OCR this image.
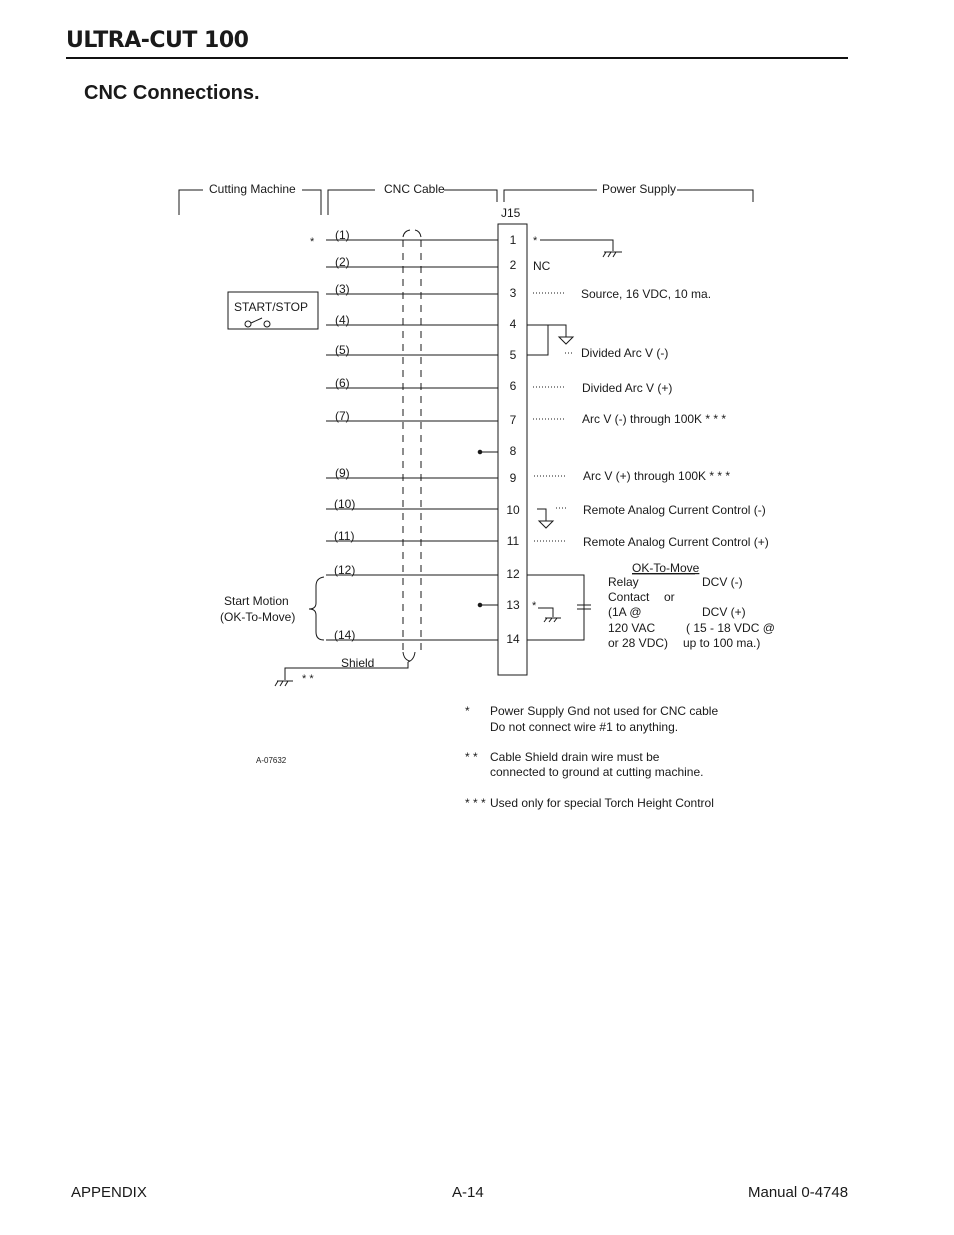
ULTRA-CUT 100
CNC Connections.
Cutting Machine	CNC Cable	Power Supply
J15
1
2
3
4
5
6
7
8
9
10
11
12
13
14
(1)
(2)
(3)
(4)
(5)
(6)
(7)
(9)
(10)
(11)
(12)
(14)
*
START/STOP
Start Motion
(OK-To-Move)
Shield
* *
*
NC
Source, 16 VDC, 10 ma.
Divided Arc V (-)
Divided Arc V (+)
Arc V (-) through 100K * * *
Arc V (+) through 100K * * *
Remote Analog Current Control (-)
Remote Analog Current Control (+)
OK-To-Move
Relay	DCV (-)
Contact or
*	(1A @	DCV (+)
120 VAC	( 15 - 18 VDC @
or 28 VDC) up to 100 ma.)
A-07632
* Power Supply Gnd not used for CNC cable
Do not connect wire #1 to anything.
* * Cable Shield drain wire must be
connected to ground at cutting machine.
* * * Used only for special Torch Height Control
APPENDIX	A-14	Manual 0-4748
